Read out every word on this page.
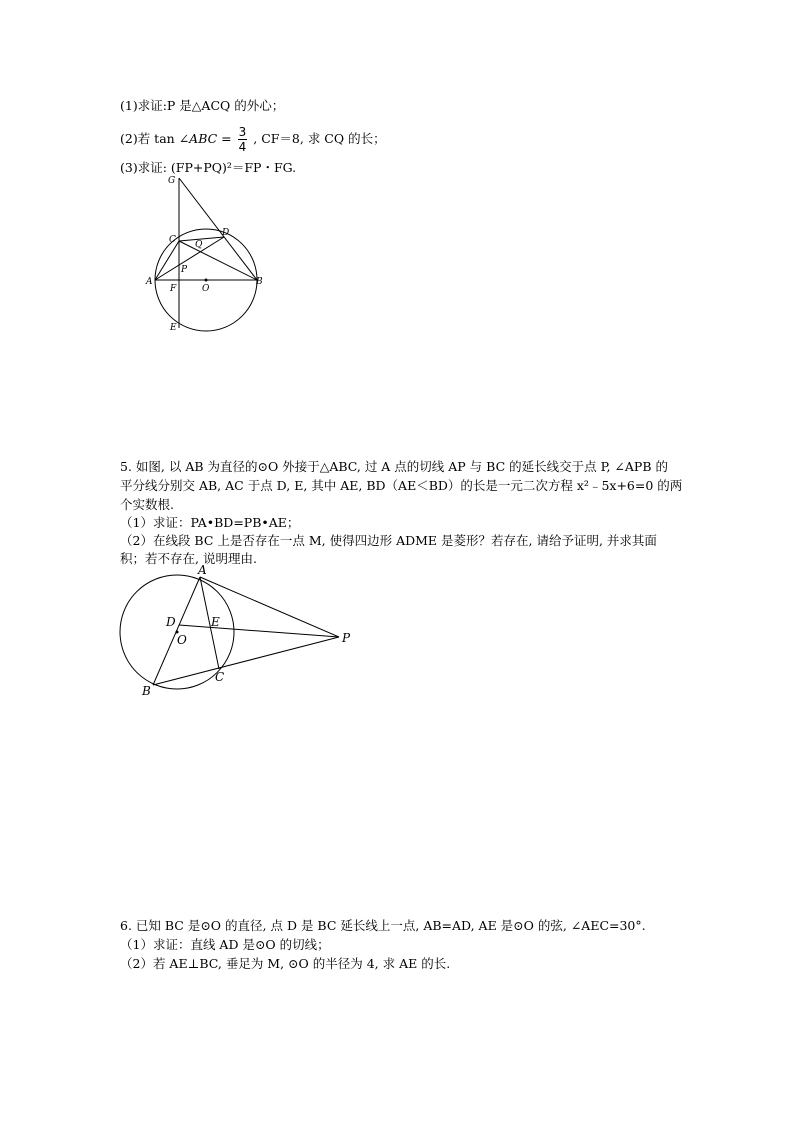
(1)求证:P 是△ACQ 的外心；
(2)若 tan ∠ABC = $\frac{3}{4}$ , CF＝8, 求 CQ 的长；
(3)求证: (FP+PQ)²＝FP・FG.
G
C Q
D
P
A
F	O
B
E
5. 如图, 以 AB 为直径的⊙O 外接于△ABC, 过 A 点的切线 AP 与 BC 的延长线交于点 P, ∠APB 的
平分线分别交 AB, AC 于点 D, E, 其中 AE, BD（AE＜BD）的长是一元二次方程 x²﹣5x+6=0 的两
个实数根.
（1）求证：PA•BD=PB•AE；
（2）在线段 BC 上是否存在一点 M, 使得四边形 ADME 是菱形？若存在, 请给予证明, 并求其面
积；若不存在, 说明理由.
A
D	E
O	P
B
C
6. 已知 BC 是⊙O 的直径, 点 D 是 BC 延长线上一点, AB=AD, AE 是⊙O 的弦, ∠AEC=30°.
（1）求证：直线 AD 是⊙O 的切线；
（2）若 AE⊥BC, 垂足为 M, ⊙O 的半径为 4, 求 AE 的长.
